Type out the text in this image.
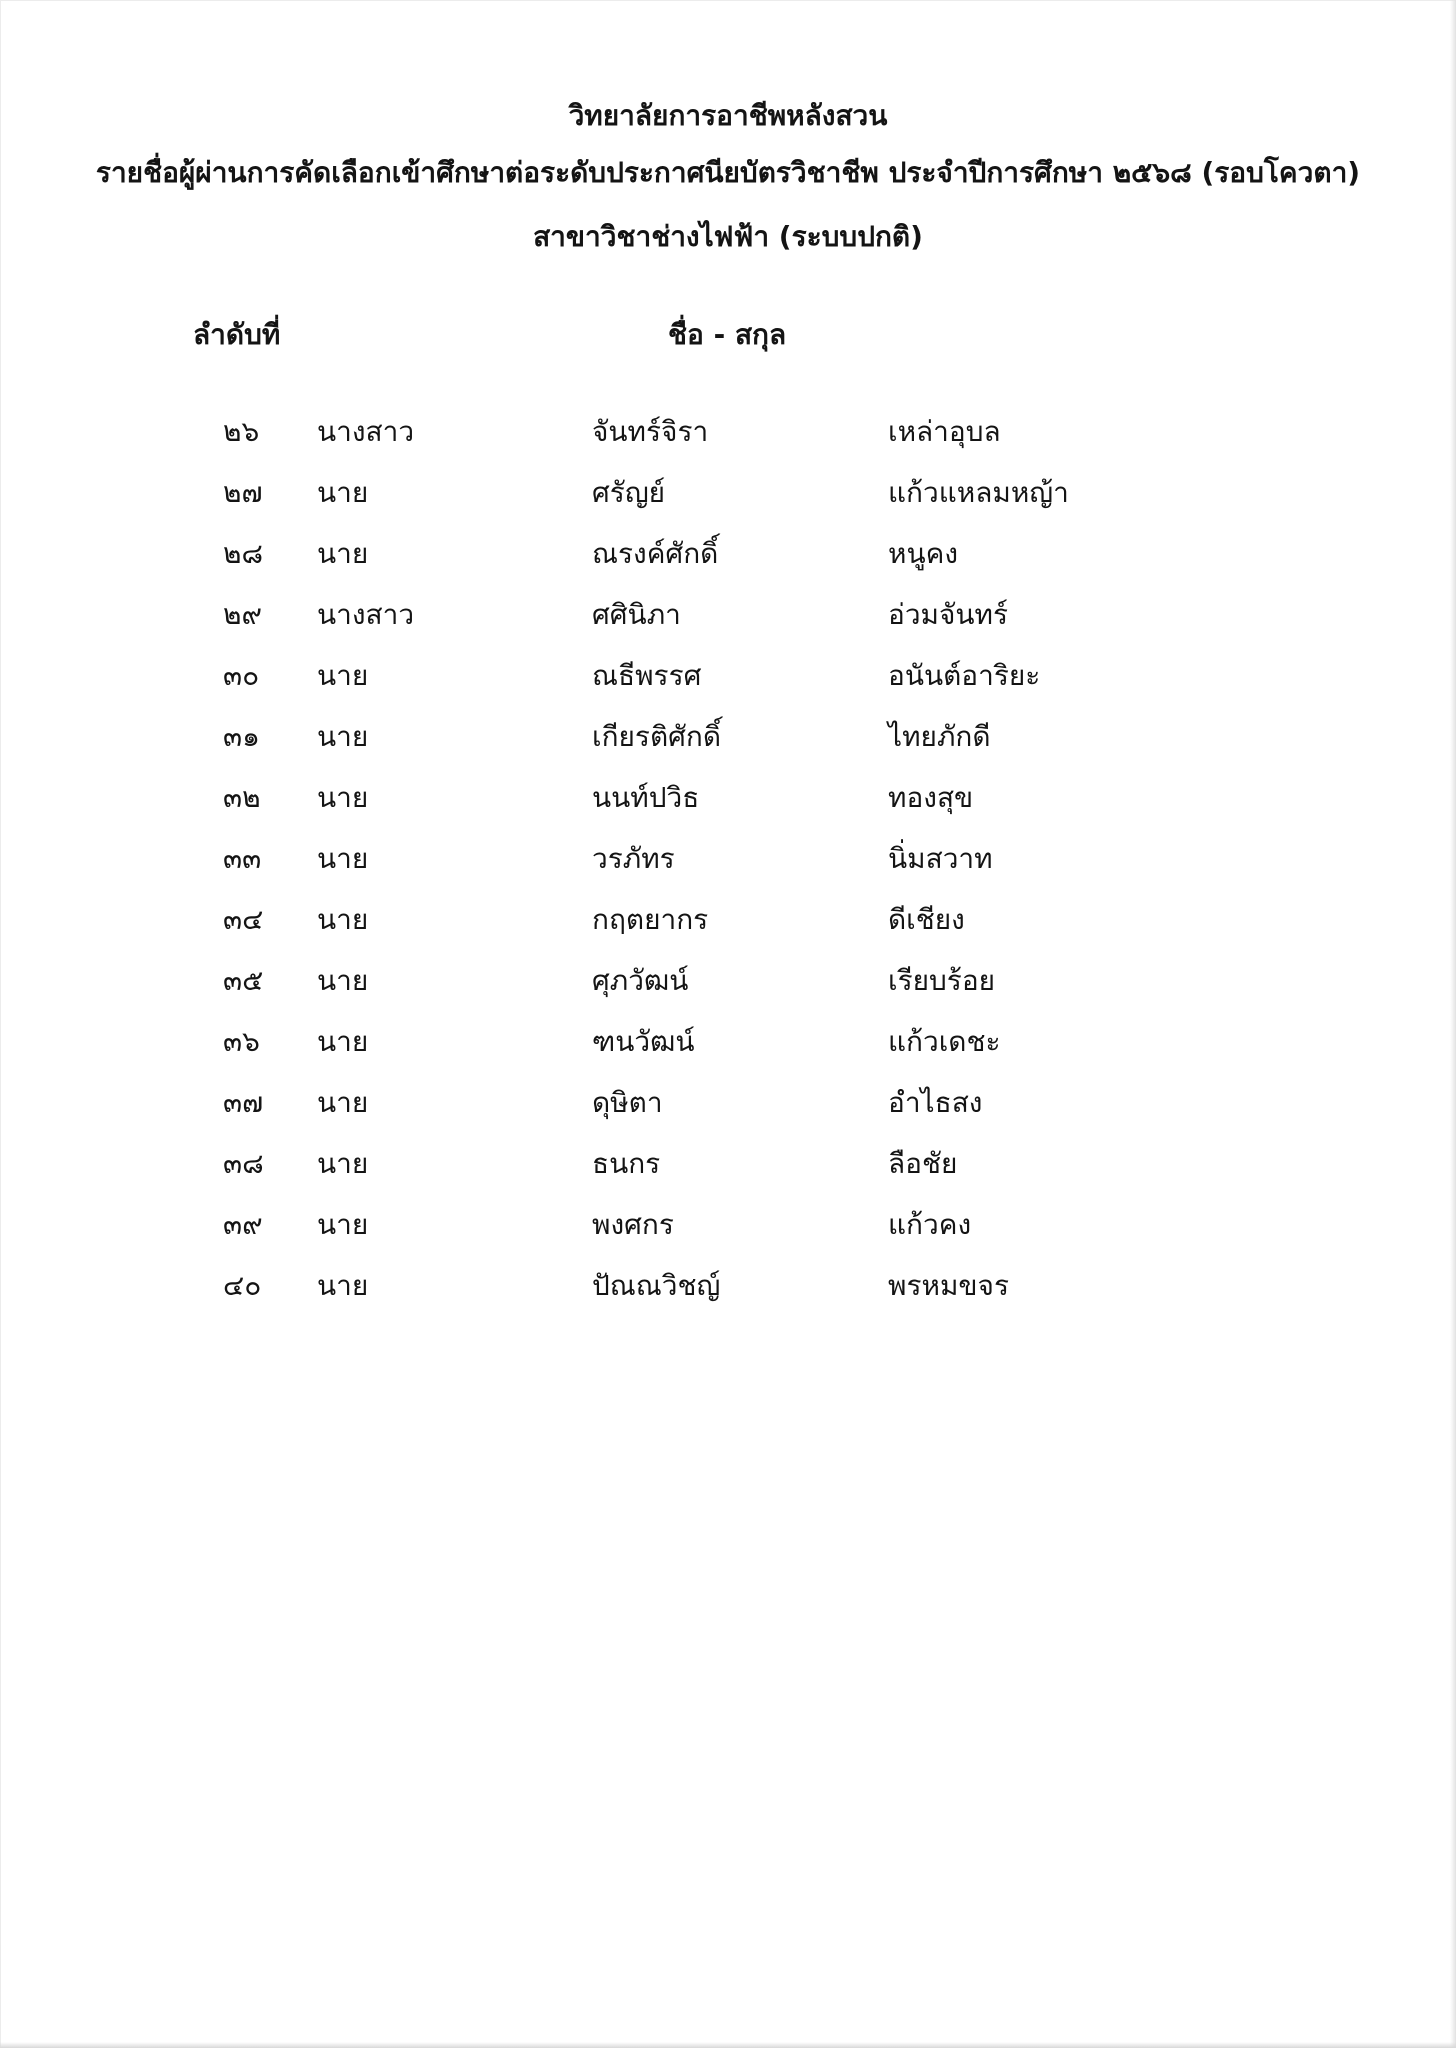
วิทยาลัยการอาชีพหลังสวน
รายชื่อผู้ผ่านการคัดเลือกเข้าศึกษาต่อระดับประกาศนียบัตรวิชาชีพ ประจำปีการศึกษา ๒๕๖๘ (รอบโควตา)
สาขาวิชาช่างไฟฟ้า (ระบบปกติ)
ลำดับที่	ชื่อ - สกุล
๒๖ นางสาว	จันทร์จิรา	เหล่าอุบล
๒๗ นาย	ศรัญย์	แก้วแหลมหญ้า
๒๘ นาย	ณรงค์ศักดิ์	หนูคง
๒๙ นางสาว	ศศินิภา	อ่วมจันทร์
๓๐ นาย	ณธีพรรศ	อนันต์อาริยะ
๓๑ นาย	เกียรติศักดิ์	ไทยภักดี
๓๒ นาย	นนท์ปวิธ	ทองสุข
๓๓ นาย	วรภัทร	นิ่มสวาท
๓๔ นาย	กฤตยากร	ดีเชียง
๓๕ นาย	ศุภวัฒน์	เรียบร้อย
๓๖ นาย	ฑนวัฒน์	แก้วเดชะ
๓๗ นาย	ดุษิตา	อำไธสง
๓๘ นาย	ธนกร	ลือชัย
๓๙ นาย	พงศกร	แก้วคง
๔๐ นาย	ปัณณวิชญ์	พรหมขจร
